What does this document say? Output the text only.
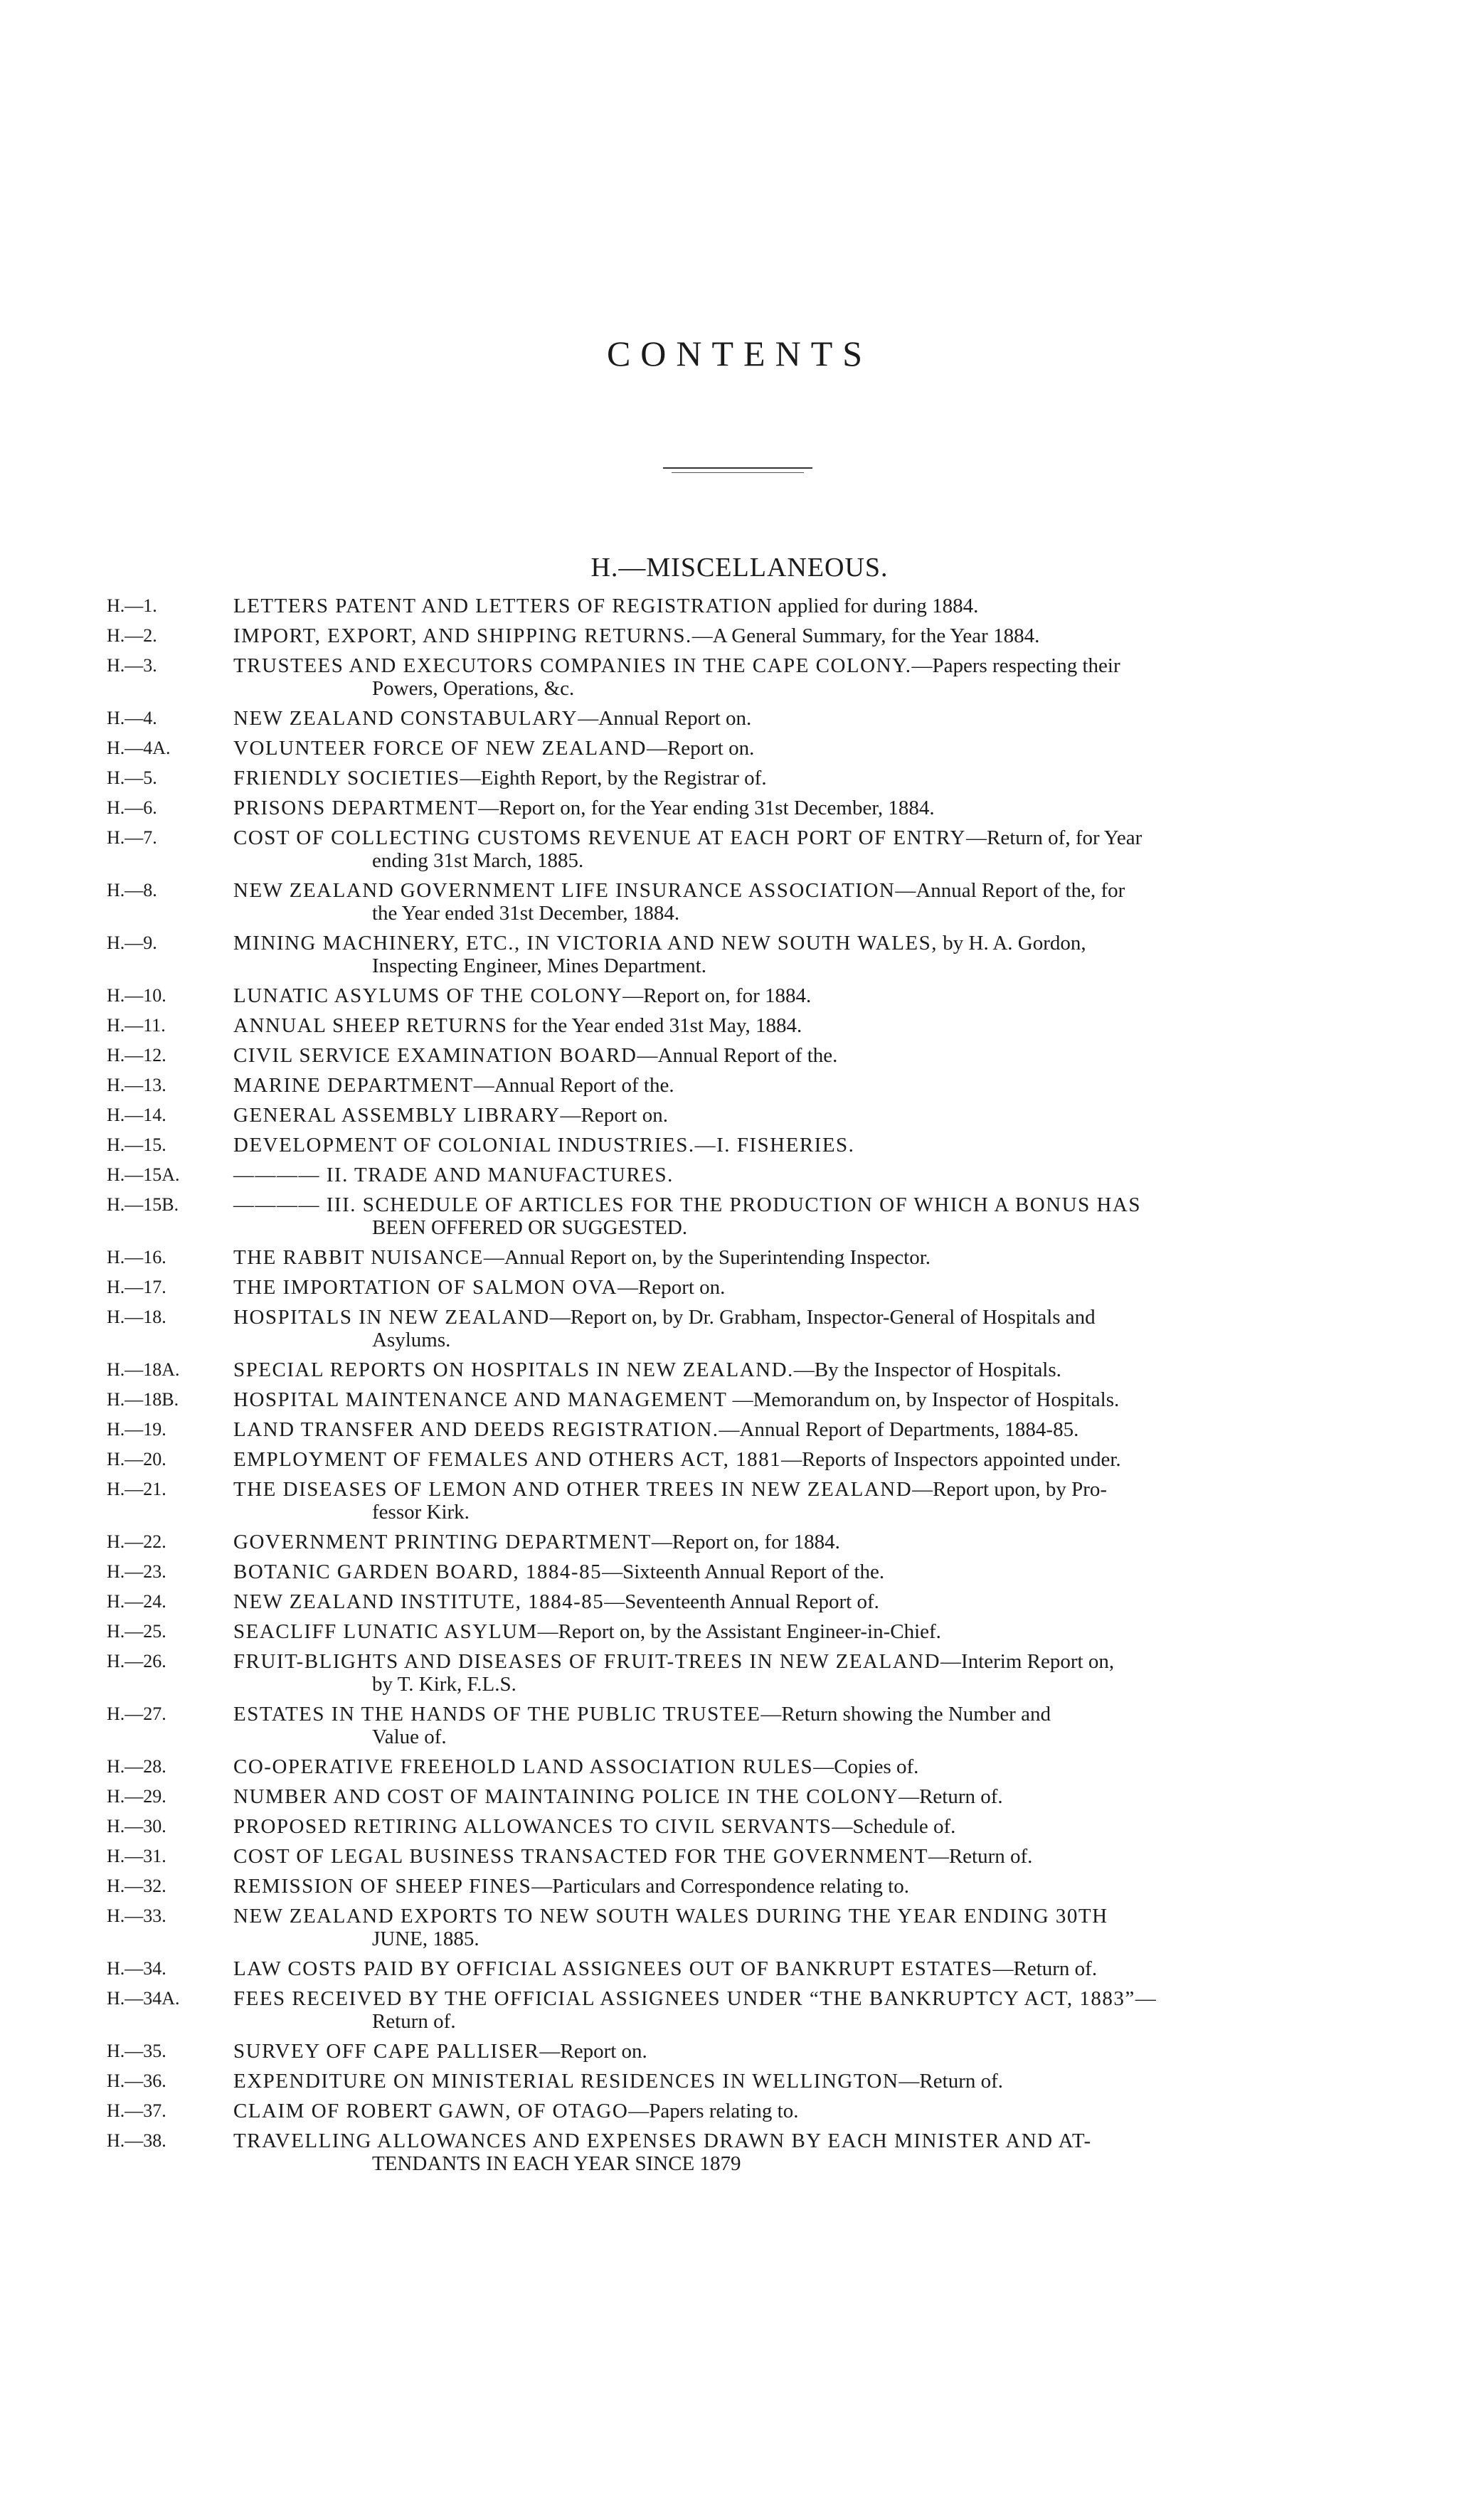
CONTENTS
H.—MISCELLANEOUS.
H.—1.	LETTERS PATENT AND LETTERS OF REGISTRATION applied for during 1884.
H.—2.	IMPORT, EXPORT, AND SHIPPING RETURNS.—A General Summary, for the Year 1884.
H.—3.	TRUSTEES AND EXECUTORS COMPANIES IN THE CAPE COLONY.—Papers respecting their
Powers, Operations, &c.
H.—4.	NEW ZEALAND CONSTABULARY—Annual Report on.
H.—4A.	VOLUNTEER FORCE OF NEW ZEALAND—Report on.
H.—5.	FRIENDLY SOCIETIES—Eighth Report, by the Registrar of.
H.—6.	PRISONS DEPARTMENT—Report on, for the Year ending 31st December, 1884.
H.—7.	COST OF COLLECTING CUSTOMS REVENUE AT EACH PORT OF ENTRY—Return of, for Year
ending 31st March, 1885.
H.—8.	NEW ZEALAND GOVERNMENT LIFE INSURANCE ASSOCIATION—Annual Report of the, for
the Year ended 31st December, 1884.
H.—9.	MINING MACHINERY, ETC., IN VICTORIA AND NEW SOUTH WALES, by H. A. Gordon,
Inspecting Engineer, Mines Department.
H.—10.	LUNATIC ASYLUMS OF THE COLONY—Report on, for 1884.
H.—11.	ANNUAL SHEEP RETURNS for the Year ended 31st May, 1884.
H.—12.	CIVIL SERVICE EXAMINATION BOARD—Annual Report of the.
H.—13.	MARINE DEPARTMENT—Annual Report of the.
H.—14.	GENERAL ASSEMBLY LIBRARY—Report on.
H.—15.	DEVELOPMENT OF COLONIAL INDUSTRIES.—I. FISHERIES.
H.—15A.	———— II. TRADE AND MANUFACTURES.
H.—15B.	———— III. SCHEDULE OF ARTICLES FOR THE PRODUCTION OF WHICH A BONUS HAS
BEEN OFFERED OR SUGGESTED.
H.—16.	THE RABBIT NUISANCE—Annual Report on, by the Superintending Inspector.
H.—17.	THE IMPORTATION OF SALMON OVA—Report on.
H.—18.	HOSPITALS IN NEW ZEALAND—Report on, by Dr. Grabham, Inspector-General of Hospitals and
Asylums.
H.—18A.	SPECIAL REPORTS ON HOSPITALS IN NEW ZEALAND.—By the Inspector of Hospitals.
H.—18B.	HOSPITAL MAINTENANCE AND MANAGEMENT —Memorandum on, by Inspector of Hospitals.
H.—19.	LAND TRANSFER AND DEEDS REGISTRATION.—Annual Report of Departments, 1884-85.
H.—20.	EMPLOYMENT OF FEMALES AND OTHERS ACT, 1881—Reports of Inspectors appointed under.
H.—21.	THE DISEASES OF LEMON AND OTHER TREES IN NEW ZEALAND—Report upon, by Pro-
fessor Kirk.
H.—22.	GOVERNMENT PRINTING DEPARTMENT—Report on, for 1884.
H.—23.	BOTANIC GARDEN BOARD, 1884-85—Sixteenth Annual Report of the.
H.—24.	NEW ZEALAND INSTITUTE, 1884-85—Seventeenth Annual Report of.
H.—25.	SEACLIFF LUNATIC ASYLUM—Report on, by the Assistant Engineer-in-Chief.
H.—26.	FRUIT-BLIGHTS AND DISEASES OF FRUIT-TREES IN NEW ZEALAND—Interim Report on,
by T. Kirk, F.L.S.
H.—27.	ESTATES IN THE HANDS OF THE PUBLIC TRUSTEE—Return showing the Number and
Value of.
H.—28.	CO-OPERATIVE FREEHOLD LAND ASSOCIATION RULES—Copies of.
H.—29.	NUMBER AND COST OF MAINTAINING POLICE IN THE COLONY—Return of.
H.—30.	PROPOSED RETIRING ALLOWANCES TO CIVIL SERVANTS—Schedule of.
H.—31.	COST OF LEGAL BUSINESS TRANSACTED FOR THE GOVERNMENT—Return of.
H.—32.	REMISSION OF SHEEP FINES—Particulars and Correspondence relating to.
H.—33.	NEW ZEALAND EXPORTS TO NEW SOUTH WALES DURING THE YEAR ENDING 30TH
JUNE, 1885.
H.—34.	LAW COSTS PAID BY OFFICIAL ASSIGNEES OUT OF BANKRUPT ESTATES—Return of.
H.—34A.	FEES RECEIVED BY THE OFFICIAL ASSIGNEES UNDER “THE BANKRUPTCY ACT, 1883”—
Return of.
H.—35.	SURVEY OFF CAPE PALLISER—Report on.
H.—36.	EXPENDITURE ON MINISTERIAL RESIDENCES IN WELLINGTON—Return of.
H.—37.	CLAIM OF ROBERT GAWN, OF OTAGO—Papers relating to.
H.—38.	TRAVELLING ALLOWANCES AND EXPENSES DRAWN BY EACH MINISTER AND AT-
TENDANTS IN EACH YEAR SINCE 1879
